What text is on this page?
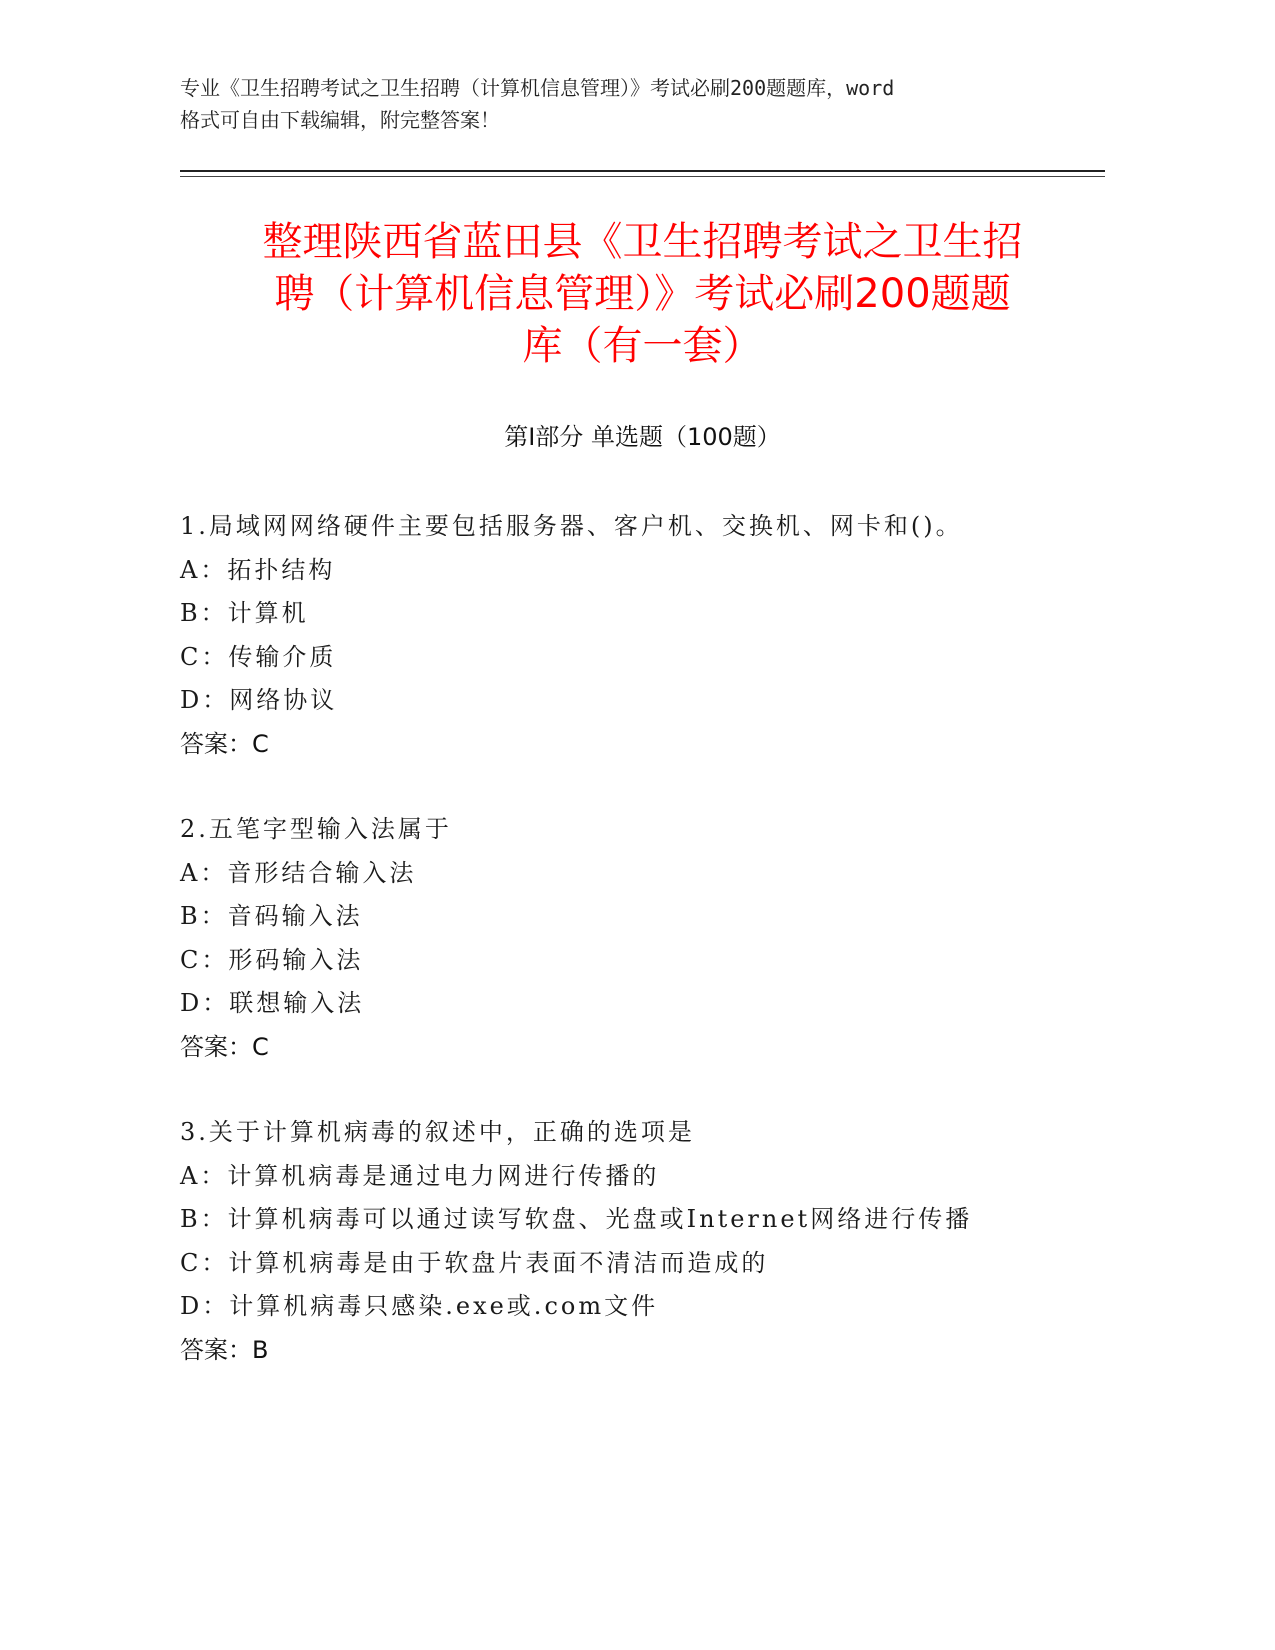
专业《卫生招聘考试之卫生招聘（计算机信息管理）》考试必刷200题题库，word
格式可自由下载编辑，附完整答案！
整理陕西省蓝田县《卫生招聘考试之卫生招
聘（计算机信息管理）》考试必刷200题题
库（有一套）
第Ⅰ部分 单选题（100题）
1.局域网网络硬件主要包括服务器、客户机、交换机、网卡和()。
A：拓扑结构
B：计算机
C：传输介质
D：网络协议
答案：C
2.五笔字型输入法属于
A：音形结合输入法
B：音码输入法
C：形码输入法
D：联想输入法
答案：C
3.关于计算机病毒的叙述中，正确的选项是
A：计算机病毒是通过电力网进行传播的
B：计算机病毒可以通过读写软盘、光盘或Internet网络进行传播
C：计算机病毒是由于软盘片表面不清洁而造成的
D：计算机病毒只感染.exe或.com文件
答案：B
